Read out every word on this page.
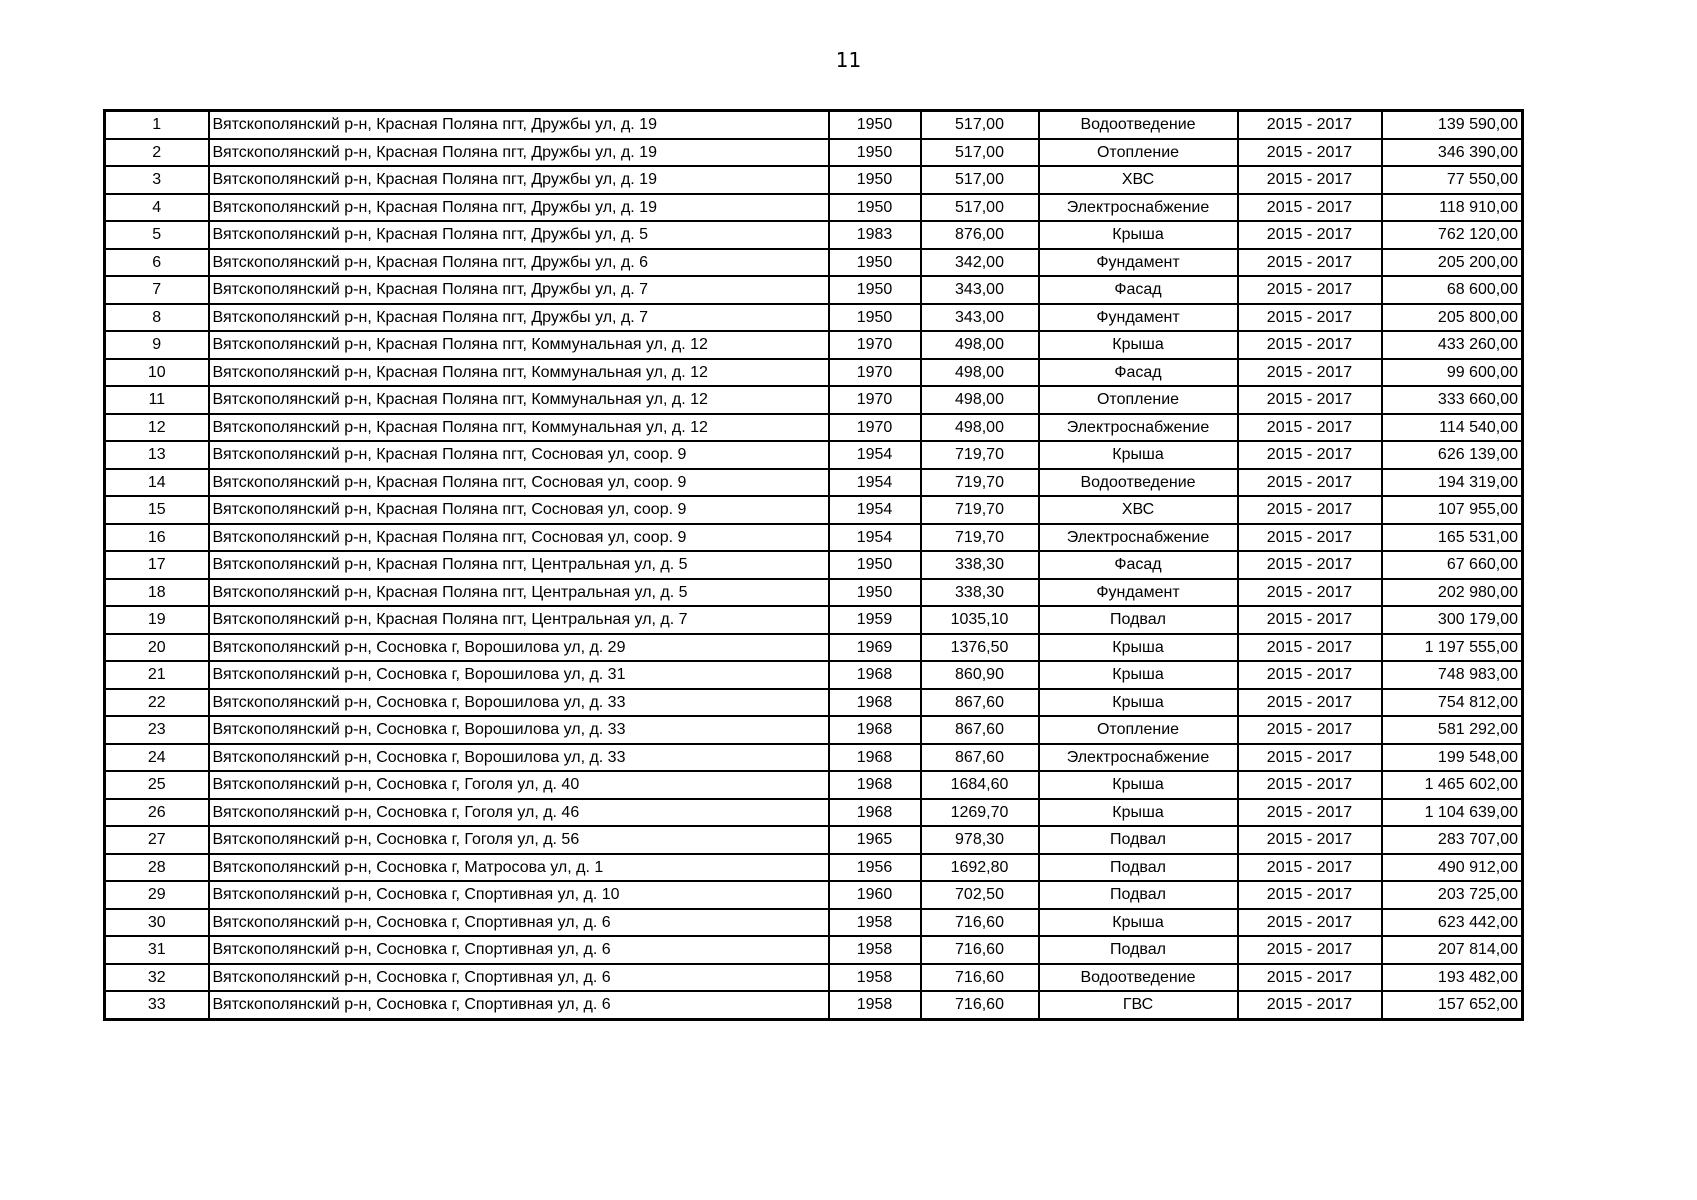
11
1	Вятскополянский р-н, Красная Поляна пгт, Дружбы ул, д. 19	1950	517,00	Водоотведение	2015 - 2017	139 590,00
2	Вятскополянский р-н, Красная Поляна пгт, Дружбы ул, д. 19	1950	517,00	Отопление	2015 - 2017	346 390,00
3	Вятскополянский р-н, Красная Поляна пгт, Дружбы ул, д. 19	1950	517,00	ХВС	2015 - 2017	77 550,00
4	Вятскополянский р-н, Красная Поляна пгт, Дружбы ул, д. 19	1950	517,00	Электроснабжение	2015 - 2017	118 910,00
5	Вятскополянский р-н, Красная Поляна пгт, Дружбы ул, д. 5	1983	876,00	Крыша	2015 - 2017	762 120,00
6	Вятскополянский р-н, Красная Поляна пгт, Дружбы ул, д. 6	1950	342,00	Фундамент	2015 - 2017	205 200,00
7	Вятскополянский р-н, Красная Поляна пгт, Дружбы ул, д. 7	1950	343,00	Фасад	2015 - 2017	68 600,00
8	Вятскополянский р-н, Красная Поляна пгт, Дружбы ул, д. 7	1950	343,00	Фундамент	2015 - 2017	205 800,00
9	Вятскополянский р-н, Красная Поляна пгт, Коммунальная ул, д. 12	1970	498,00	Крыша	2015 - 2017	433 260,00
10	Вятскополянский р-н, Красная Поляна пгт, Коммунальная ул, д. 12	1970	498,00	Фасад	2015 - 2017	99 600,00
11	Вятскополянский р-н, Красная Поляна пгт, Коммунальная ул, д. 12	1970	498,00	Отопление	2015 - 2017	333 660,00
12	Вятскополянский р-н, Красная Поляна пгт, Коммунальная ул, д. 12	1970	498,00	Электроснабжение	2015 - 2017	114 540,00
13	Вятскополянский р-н, Красная Поляна пгт, Сосновая ул, соор. 9	1954	719,70	Крыша	2015 - 2017	626 139,00
14	Вятскополянский р-н, Красная Поляна пгт, Сосновая ул, соор. 9	1954	719,70	Водоотведение	2015 - 2017	194 319,00
15	Вятскополянский р-н, Красная Поляна пгт, Сосновая ул, соор. 9	1954	719,70	ХВС	2015 - 2017	107 955,00
16	Вятскополянский р-н, Красная Поляна пгт, Сосновая ул, соор. 9	1954	719,70	Электроснабжение	2015 - 2017	165 531,00
17	Вятскополянский р-н, Красная Поляна пгт, Центральная ул, д. 5	1950	338,30	Фасад	2015 - 2017	67 660,00
18	Вятскополянский р-н, Красная Поляна пгт, Центральная ул, д. 5	1950	338,30	Фундамент	2015 - 2017	202 980,00
19	Вятскополянский р-н, Красная Поляна пгт, Центральная ул, д. 7	1959	1035,10	Подвал	2015 - 2017	300 179,00
20	Вятскополянский р-н, Сосновка г, Ворошилова ул, д. 29	1969	1376,50	Крыша	2015 - 2017	1 197 555,00
21	Вятскополянский р-н, Сосновка г, Ворошилова ул, д. 31	1968	860,90	Крыша	2015 - 2017	748 983,00
22	Вятскополянский р-н, Сосновка г, Ворошилова ул, д. 33	1968	867,60	Крыша	2015 - 2017	754 812,00
23	Вятскополянский р-н, Сосновка г, Ворошилова ул, д. 33	1968	867,60	Отопление	2015 - 2017	581 292,00
24	Вятскополянский р-н, Сосновка г, Ворошилова ул, д. 33	1968	867,60	Электроснабжение	2015 - 2017	199 548,00
25	Вятскополянский р-н, Сосновка г, Гоголя ул, д. 40	1968	1684,60	Крыша	2015 - 2017	1 465 602,00
26	Вятскополянский р-н, Сосновка г, Гоголя ул, д. 46	1968	1269,70	Крыша	2015 - 2017	1 104 639,00
27	Вятскополянский р-н, Сосновка г, Гоголя ул, д. 56	1965	978,30	Подвал	2015 - 2017	283 707,00
28	Вятскополянский р-н, Сосновка г, Матросова ул, д. 1	1956	1692,80	Подвал	2015 - 2017	490 912,00
29	Вятскополянский р-н, Сосновка г, Спортивная ул, д. 10	1960	702,50	Подвал	2015 - 2017	203 725,00
30	Вятскополянский р-н, Сосновка г, Спортивная ул, д. 6	1958	716,60	Крыша	2015 - 2017	623 442,00
31	Вятскополянский р-н, Сосновка г, Спортивная ул, д. 6	1958	716,60	Подвал	2015 - 2017	207 814,00
32	Вятскополянский р-н, Сосновка г, Спортивная ул, д. 6	1958	716,60	Водоотведение	2015 - 2017	193 482,00
33	Вятскополянский р-н, Сосновка г, Спортивная ул, д. 6	1958	716,60	ГВС	2015 - 2017	157 652,00
